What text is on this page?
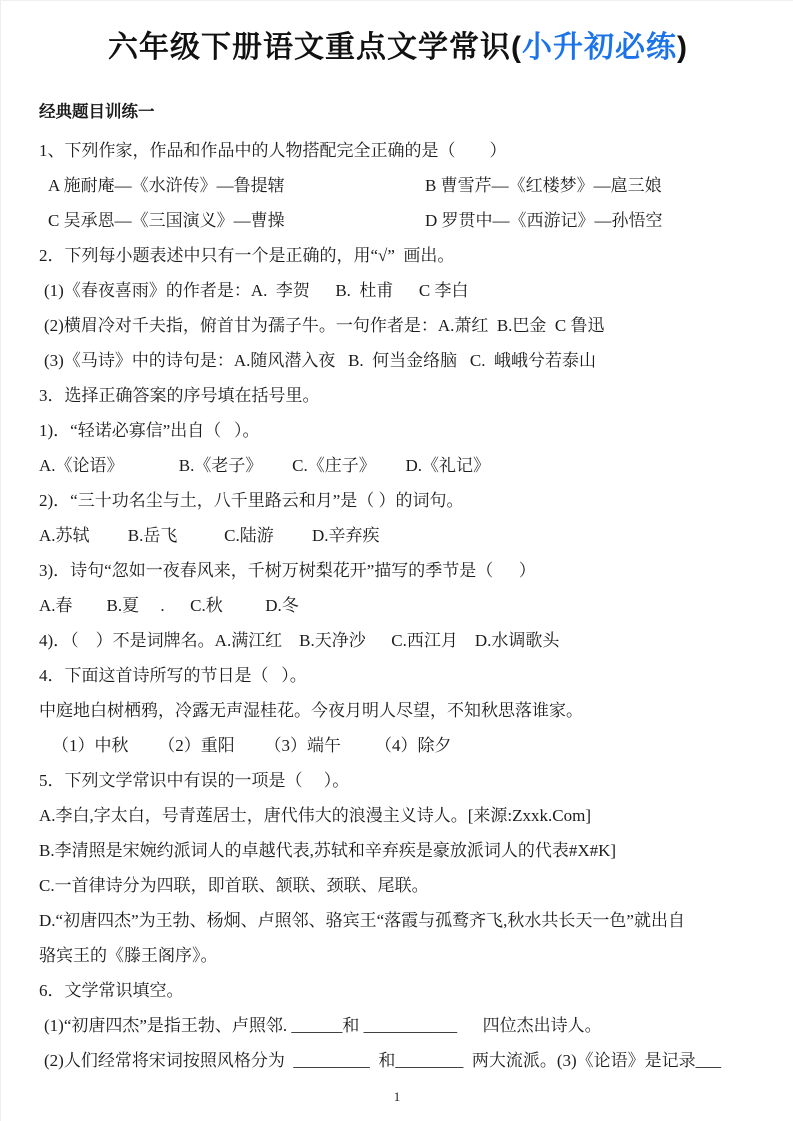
六年级下册语文重点文学常识(小升初必练)
经典题目训练一
1、下列作家，作品和作品中的人物搭配完全正确的是（        ）
A 施耐庵—《水浒传》—鲁提辖	B 曹雪芹—《红楼梦》—扈三娘
C 吴承恩—《三国演义》—曹操	D 罗贯中—《西游记》—孙悟空
2．下列每小题表述中只有一个是正确的，用“√”  画出。
(1)《春夜喜雨》的作者是：A.  李贺      B.  杜甫      C 李白
(2)横眉冷对千夫指，俯首甘为孺子牛。一句作者是：A.萧红  B.巴金  C 鲁迅
(3)《马诗》中的诗句是：A.随风潜入夜   B.  何当金络脑   C.  峨峨兮若泰山
3．选择正确答案的序号填在括号里。
1)．“轻诺必寡信”出自（   ）。
A.《论语》             B.《老子》       C.《庄子》       D.《礼记》
2)．“三十功名尘与土，八千里路云和月”是（ ）的词句。
A.苏轼         B.岳飞           C.陆游         D.辛弃疾
3)．诗句“忽如一夜春风来，千树万树梨花开”描写的季节是（      ）
A.春        B.夏     .      C.秋          D.冬
4)．（    ）不是词牌名。A.满江红    B.天净沙      C.西江月    D.水调歌头
4．下面这首诗所写的节日是（   ）。
中庭地白树栖鸦，冷露无声湿桂花。今夜月明人尽望，不知秋思落谁家。
（1）中秋       （2）重阳       （3）端午        （4）除夕
5．下列文学常识中有误的一项是（     ）。
A.李白,字太白，号青莲居士，唐代伟大的浪漫主义诗人。[来源:Zxxk.Com]
B.李清照是宋婉约派词人的卓越代表,苏轼和辛弃疾是豪放派词人的代表#X#K]
C.一首律诗分为四联，即首联、颔联、颈联、尾联。
D.“初唐四杰”为王勃、杨炯、卢照邻、骆宾王“落霞与孤鹜齐飞,秋水共长天一色”就出自
骆宾王的《滕王阁序》。
6．文学常识填空。
(1)“初唐四杰”是指王勃、卢照邻. ______和 ___________      四位杰出诗人。
(2)人们经常将宋词按照风格分为  _________  和________  两大流派。(3)《论语》是记录___
1
